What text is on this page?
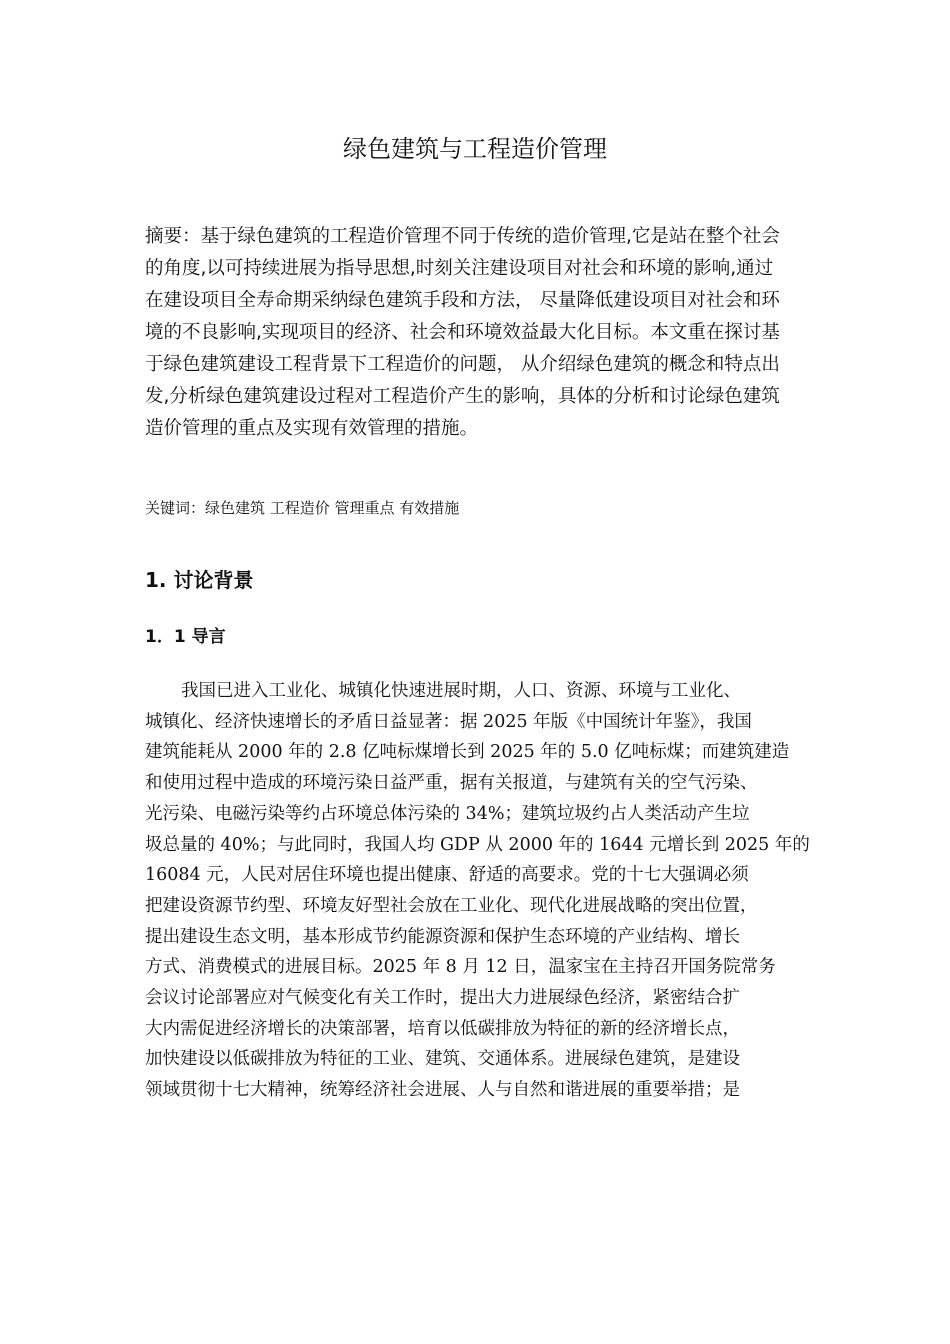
绿色建筑与工程造价管理
摘要：基于绿色建筑的工程造价管理不同于传统的造价管理,它是站在整个社会
的角度,以可持续进展为指导思想,时刻关注建设项目对社会和环境的影响,通过
在建设项目全寿命期采纳绿色建筑手段和方法， 尽量降低建设项目对社会和环
境的不良影响,实现项目的经济、社会和环境效益最大化目标。本文重在探讨基
于绿色建筑建设工程背景下工程造价的问题， 从介绍绿色建筑的概念和特点出
发,分析绿色建筑建设过程对工程造价产生的影响，具体的分析和讨论绿色建筑
造价管理的重点及实现有效管理的措施。
关键词：绿色建筑 工程造价 管理重点 有效措施
1. 讨论背景
1．1 导言
我国已进入工业化、城镇化快速进展时期，人口、资源、环境与工业化、
城镇化、经济快速增长的矛盾日益显著：据 2025 年版《中国统计年鉴》，我国
建筑能耗从 2000 年的 2.8 亿吨标煤增长到 2025 年的 5.0 亿吨标煤；而建筑建造
和使用过程中造成的环境污染日益严重，据有关报道，与建筑有关的空气污染、
光污染、电磁污染等约占环境总体污染的 34%；建筑垃圾约占人类活动产生垃
圾总量的 40%；与此同时，我国人均 GDP 从 2000 年的 1644 元增长到 2025 年的
16084 元，人民对居住环境也提出健康、舒适的高要求。党的十七大强调必须
把建设资源节约型、环境友好型社会放在工业化、现代化进展战略的突出位置，
提出建设生态文明，基本形成节约能源资源和保护生态环境的产业结构、增长
方式、消费模式的进展目标。2025 年 8 月 12 日，温家宝在主持召开国务院常务
会议讨论部署应对气候变化有关工作时，提出大力进展绿色经济，紧密结合扩
大内需促进经济增长的决策部署，培育以低碳排放为特征的新的经济增长点，
加快建设以低碳排放为特征的工业、建筑、交通体系。进展绿色建筑，是建设
领域贯彻十七大精神，统筹经济社会进展、人与自然和谐进展的重要举措；是
